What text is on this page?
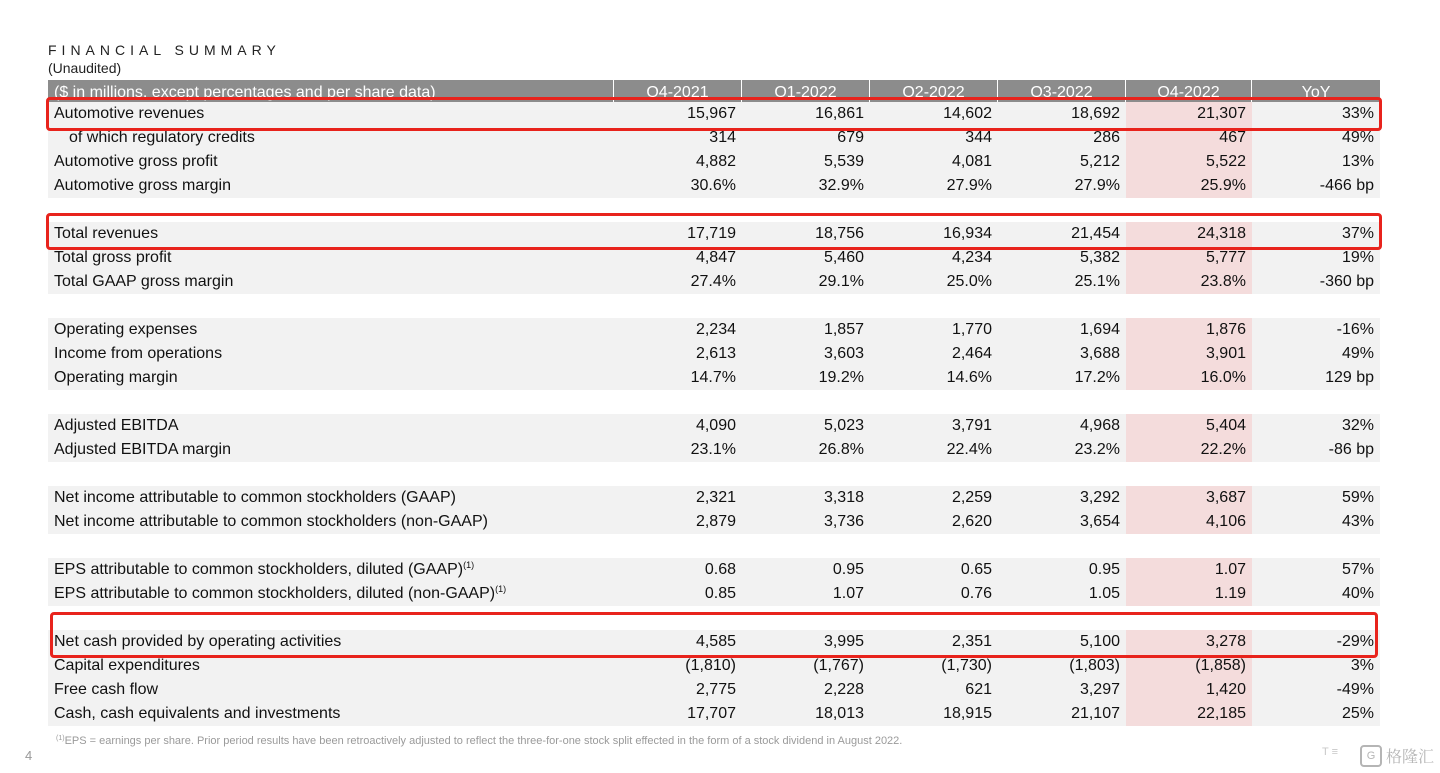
FINANCIAL SUMMARY
(Unaudited)
($ in millions, except percentages and per share data)	Q4-2021	Q1-2022	Q2-2022	Q3-2022	Q4-2022	YoY
Automotive revenues	15,967	16,861	14,602	18,692	21,307	33%
of which regulatory credits	314	679	344	286	467	49%
Automotive gross profit	4,882	5,539	4,081	5,212	5,522	13%
Automotive gross margin	30.6%	32.9%	27.9%	27.9%	25.9%	-466 bp
Total revenues	17,719	18,756	16,934	21,454	24,318	37%
Total gross profit	4,847	5,460	4,234	5,382	5,777	19%
Total GAAP gross margin	27.4%	29.1%	25.0%	25.1%	23.8%	-360 bp
Operating expenses	2,234	1,857	1,770	1,694	1,876	-16%
Income from operations	2,613	3,603	2,464	3,688	3,901	49%
Operating margin	14.7%	19.2%	14.6%	17.2%	16.0%	129 bp
Adjusted EBITDA	4,090	5,023	3,791	4,968	5,404	32%
Adjusted EBITDA margin	23.1%	26.8%	22.4%	23.2%	22.2%	-86 bp
Net income attributable to common stockholders (GAAP)	2,321	3,318	2,259	3,292	3,687	59%
Net income attributable to common stockholders (non-GAAP)	2,879	3,736	2,620	3,654	4,106	43%
EPS attributable to common stockholders, diluted (GAAP)$^{(1)}$	0.68	0.95	0.65	0.95	1.07	57%
EPS attributable to common stockholders, diluted (non-GAAP)$^{(1)}$	0.85	1.07	0.76	1.05	1.19	40%
Net cash provided by operating activities	4,585	3,995	2,351	5,100	3,278	-29%
Capital expenditures	(1,810)	(1,767)	(1,730)	(1,803)	(1,858)	3%
Free cash flow	2,775	2,228	621	3,297	1,420	-49%
Cash, cash equivalents and investments	17,707	18,013	18,915	21,107	22,185	25%
$^{(1)}$EPS = earnings per share. Prior period results have been retroactively adjusted to reflect the three-for-one stock split effected in the form of a stock dividend in August 2022.
4	T ≡	G 格隆汇
